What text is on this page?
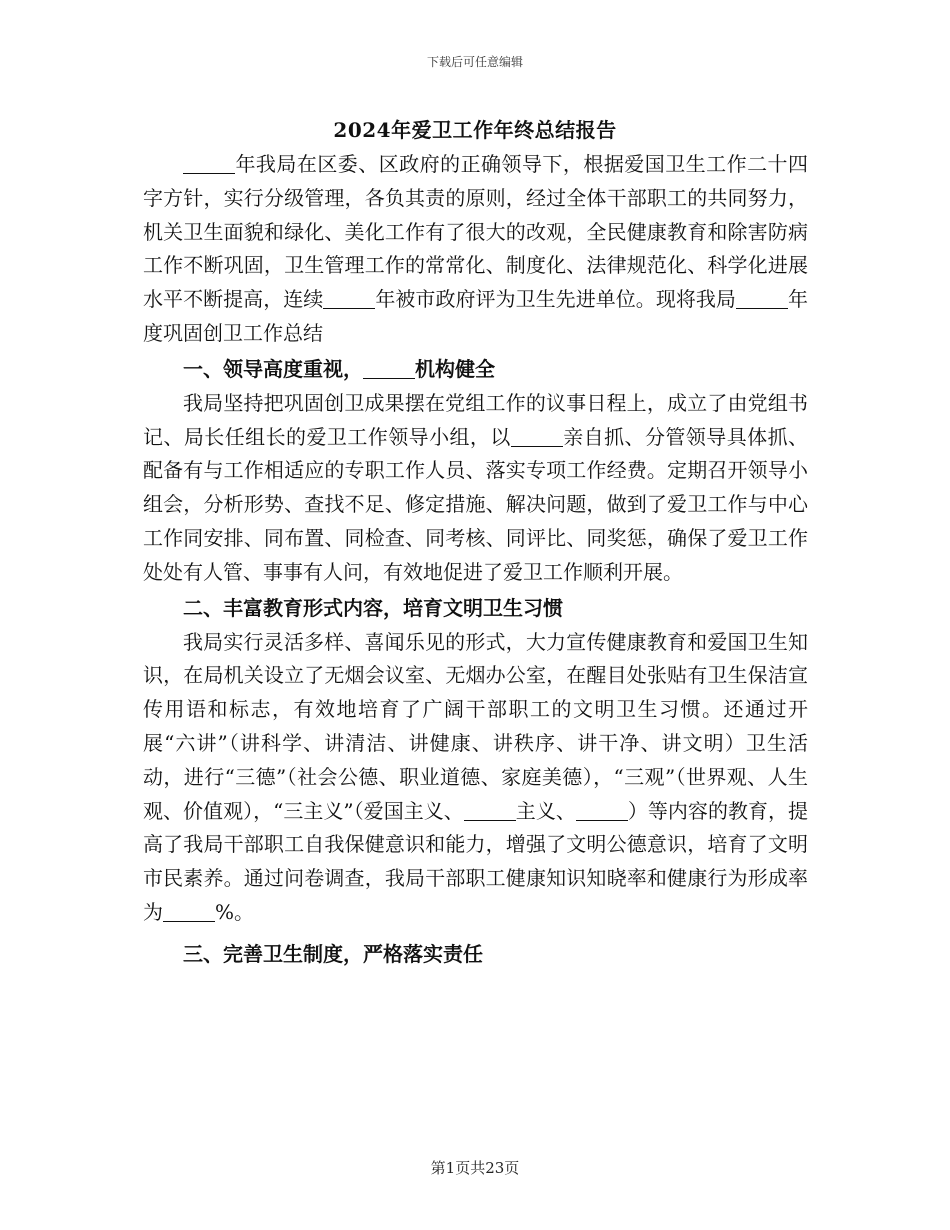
下载后可任意编辑
2024年爱卫工作年终总结报告

年我局在区委、区政府的正确领导下，根据爱国卫生工作二十四字方针，实行分级管理，各负其责的原则，经过全体干部职工的共同努力，机关卫生面貌和绿化、美化工作有了很大的改观，全民健康教育和除害防病工作不断巩固，卫生管理工作的常常化、制度化、法律规范化、科学化进展水平不断提高，连续	年被市政府评为卫生先进单位。现将我局	年度巩固创卫工作总结

一、领导高度重视，	机构健全

我局坚持把巩固创卫成果摆在党组工作的议事日程上，成立了由党组书记、局长任组长的爱卫工作领导小组，以	亲自抓、分管领导具体抓、配备有与工作相适应的专职工作人员、落实专项工作经费。定期召开领导小组会，分析形势、查找不足、修定措施、解决问题，做到了爱卫工作与中心工作同安排、同布置、同检查、同考核、同评比、同奖惩，确保了爱卫工作处处有人管、事事有人问，有效地促进了爱卫工作顺利开展。

二、丰富教育形式内容，培育文明卫生习惯

我局实行灵活多样、喜闻乐见的形式，大力宣传健康教育和爱国卫生知识，在局机关设立了无烟会议室、无烟办公室，在醒目处张贴有卫生保洁宣传用语和标志，有效地培育了广阔干部职工的文明卫生习惯。还通过开展“六讲”（讲科学、讲清洁、讲健康、讲秩序、讲干净、讲文明）卫生活动，进行“三德”（社会公德、职业道德、家庭美德），“三观”（世界观、人生观、价值观），“三主义”（爱国主义、	主义、	）等内容的教育，提高了我局干部职工自我保健意识和能力，增强了文明公德意识，培育了文明市民素养。通过问卷调查，我局干部职工健康知识知晓率和健康行为形成率为	%。

三、完善卫生制度，严格落实责任
第1页共23页
